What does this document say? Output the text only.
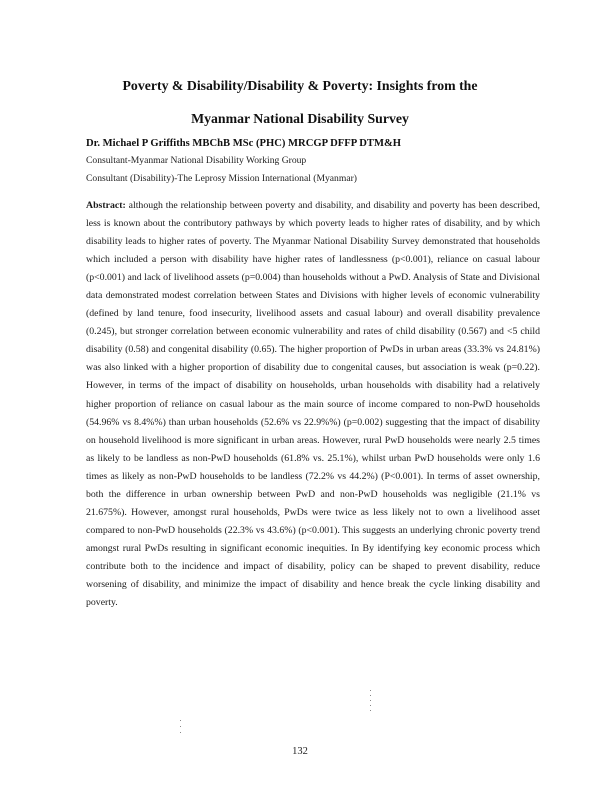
Poverty & Disability/Disability & Poverty: Insights from the
Myanmar National Disability Survey
Dr. Michael P Griffiths MBChB MSc (PHC) MRCGP DFFP DTM&H
Consultant-Myanmar National Disability Working Group
Consultant (Disability)-The Leprosy Mission International (Myanmar)
Abstract: although the relationship between poverty and disability, and disability and poverty has been described, less is known about the contributory pathways by which poverty leads to higher rates of disability, and by which disability leads to higher rates of poverty. The Myanmar National Disability Survey demonstrated that households which included a person with disability have higher rates of landlessness (p<0.001), reliance on casual labour (p<0.001) and lack of livelihood assets (p=0.004) than households without a PwD. Analysis of State and Divisional data demonstrated modest correlation between States and Divisions with higher levels of economic vulnerability (defined by land tenure, food insecurity, livelihood assets and casual labour) and overall disability prevalence (0.245), but stronger correlation between economic vulnerability and rates of child disability (0.567) and <5 child disability (0.58) and congenital disability (0.65). The higher proportion of PwDs in urban areas (33.3% vs 24.81%) was also linked with a higher proportion of disability due to congenital causes, but association is weak (p=0.22). However, in terms of the impact of disability on households, urban households with disability had a relatively higher proportion of reliance on casual labour as the main source of income compared to non-PwD households (54.96% vs 8.4%%) than urban households (52.6% vs 22.9%%) (p=0.002) suggesting that the impact of disability on household livelihood is more significant in urban areas. However, rural PwD households were nearly 2.5 times as likely to be landless as non-PwD households (61.8% vs. 25.1%), whilst urban PwD households were only 1.6 times as likely as non-PwD households to be landless (72.2% vs 44.2%) (P<0.001). In terms of asset ownership, both the difference in urban ownership between PwD and non-PwD households was negligible (21.1% vs 21.675%). However, amongst rural households, PwDs were twice as less likely not to own a livelihood asset compared to non-PwD households (22.3% vs 43.6%) (p<0.001). This suggests an underlying chronic poverty trend amongst rural PwDs resulting in significant economic inequities. In By identifying key economic process which contribute both to the incidence and impact of disability, policy can be shaped to prevent disability, reduce worsening of disability, and minimize the impact of disability and hence break the cycle linking disability and poverty.
132
